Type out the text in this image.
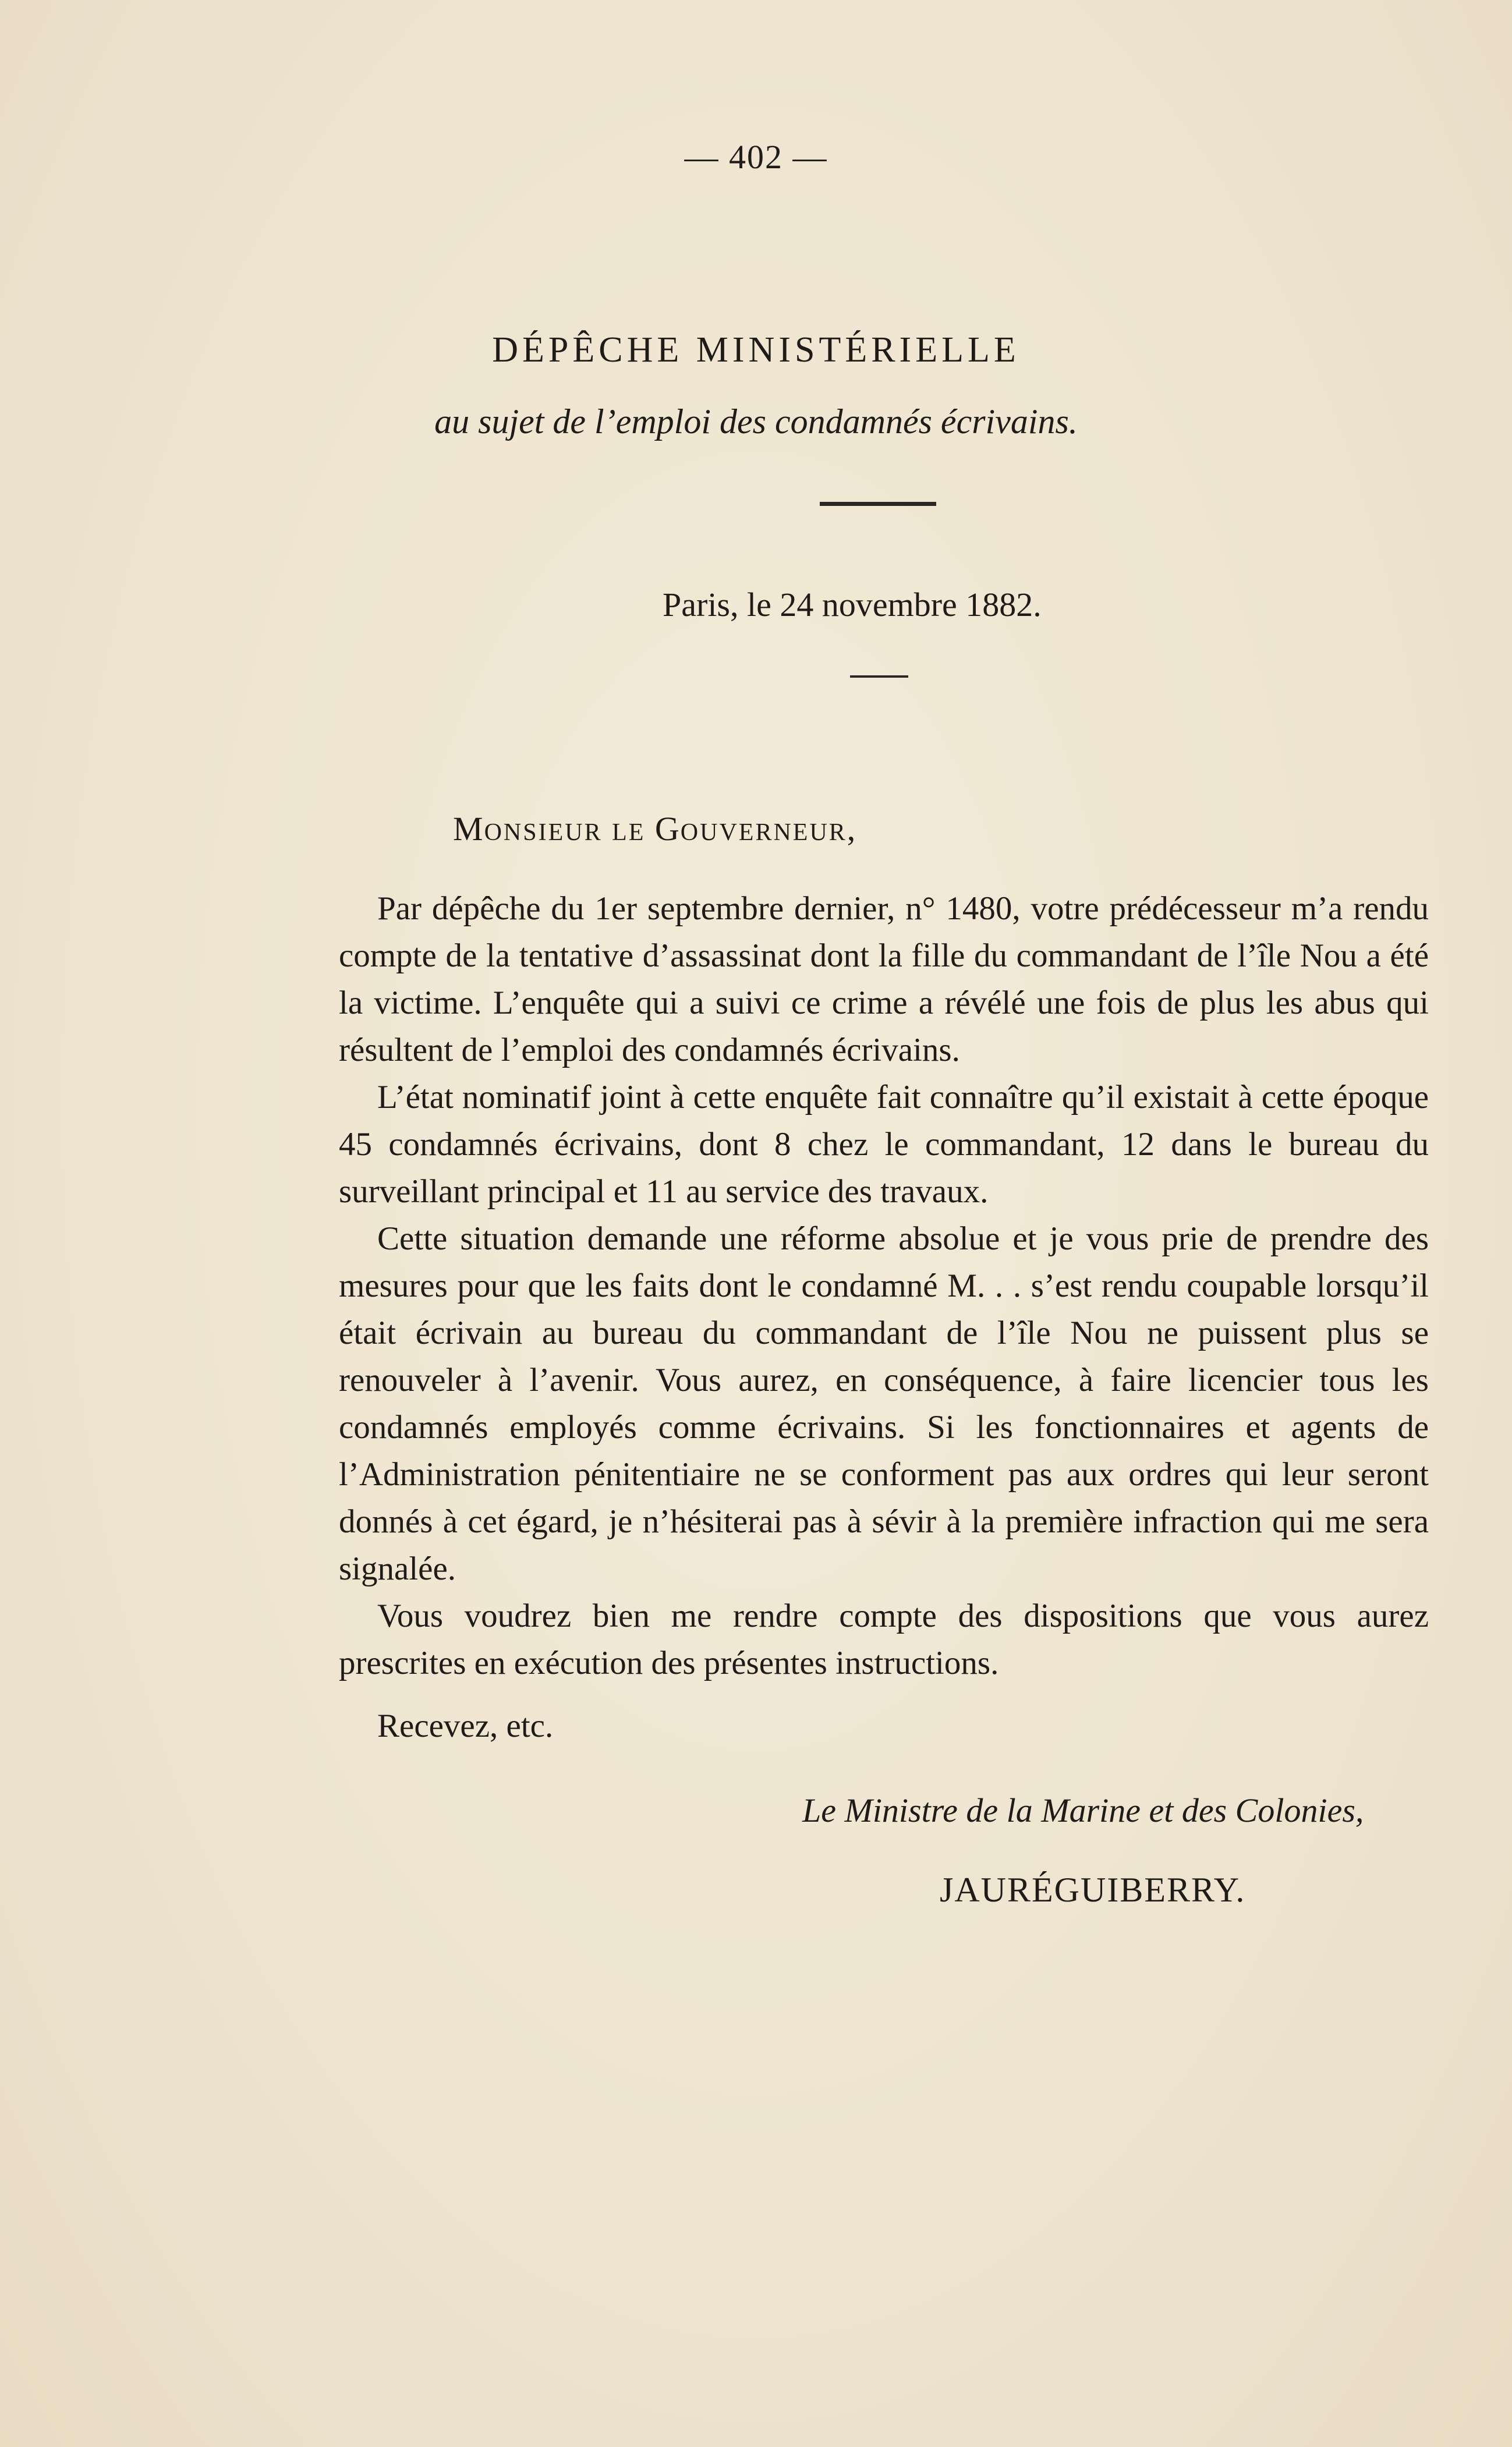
— 402 —
DÉPÊCHE MINISTÉRIELLE
au sujet de l’emploi des condamnés écrivains.
Paris, le 24 novembre 1882.
MONSIEUR LE GOUVERNEUR,

Par dépêche du 1er septembre dernier, n° 1480, votre prédécesseur m’a rendu compte de la tentative d’assassinat dont la fille du commandant de l’île Nou a été la victime. L’enquête qui a suivi ce crime a révélé une fois de plus les abus qui résultent de l’emploi des condamnés écrivains.

L’état nominatif joint à cette enquête fait connaître qu’il existait à cette époque 45 condamnés écrivains, dont 8 chez le commandant, 12 dans le bureau du surveillant principal et 11 au service des travaux.

Cette situation demande une réforme absolue et je vous prie de prendre des mesures pour que les faits dont le condamné M. . . s’est rendu coupable lorsqu’il était écrivain au bureau du commandant de l’île Nou ne puissent plus se renouveler à l’avenir. Vous aurez, en conséquence, à faire licencier tous les condamnés employés comme écrivains. Si les fonctionnaires et agents de l’Administration pénitentiaire ne se conforment pas aux ordres qui leur seront donnés à cet égard, je n’hésiterai pas à sévir à la première infraction qui me sera signalée.

Vous voudrez bien me rendre compte des dispositions que vous aurez prescrites en exécution des présentes instructions.

Recevez, etc.
Le Ministre de la Marine et des Colonies,
JAURÉGUIBERRY.
